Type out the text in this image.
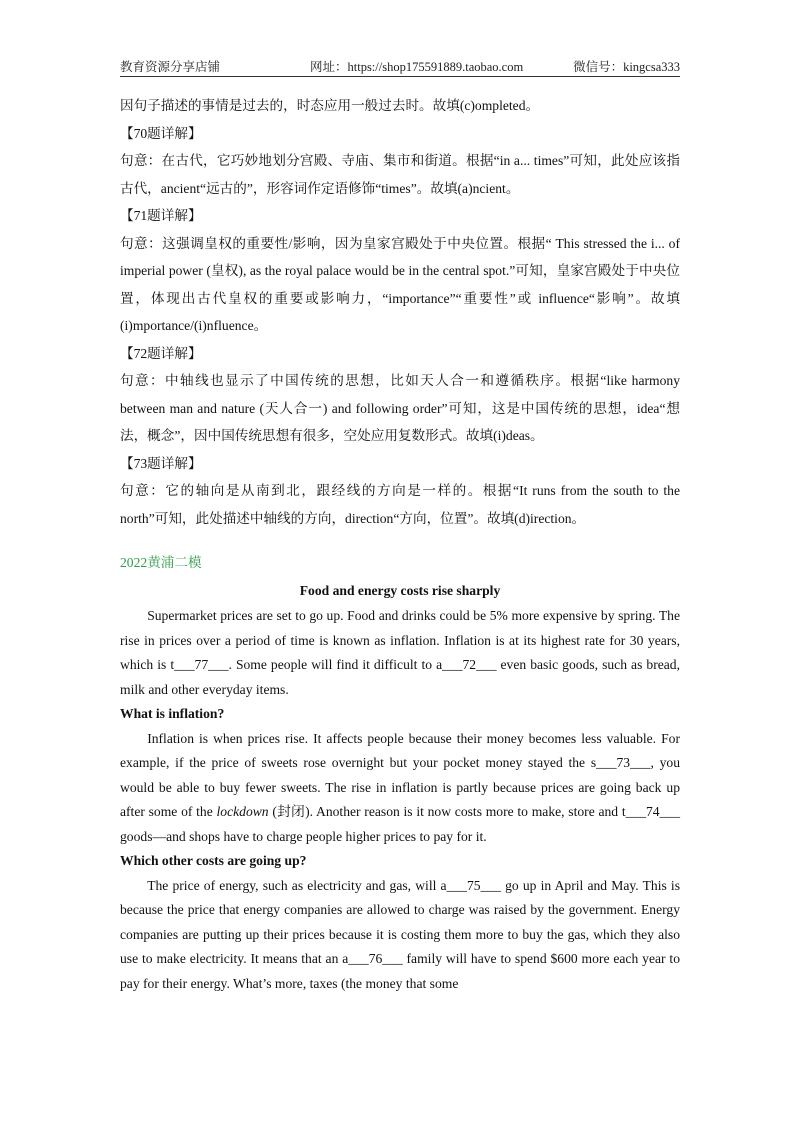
教育资源分享店铺	网址：https://shop175591889.taobao.com	微信号：kingcsa333

因句子描述的事情是过去的，时态应用一般过去时。故填(c)ompleted。

【70题详解】

句意：在古代，它巧妙地划分宫殿、寺庙、集市和街道。根据“in a... times”可知，此处应该指古代，ancient“远古的”，形容词作定语修饰“times”。故填(a)ncient。

【71题详解】

句意：这强调皇权的重要性/影响，因为皇家宫殿处于中央位置。根据“ This stressed the i... of imperial power (皇权), as the royal palace would be in the central spot.”可知，皇家宫殿处于中央位置，体现出古代皇权的重要或影响力，“importance”“重要性”或 influence“影响”。故填(i)mportance/(i)nfluence。

【72题详解】

句意：中轴线也显示了中国传统的思想，比如天人合一和遵循秩序。根据“like harmony between man and nature (天人合一) and following order”可知，这是中国传统的思想，idea“想法，概念”，因中国传统思想有很多，空处应用复数形式。故填(i)deas。

【73题详解】

句意：它的轴向是从南到北，跟经线的方向是一样的。根据“It runs from the south to the north”可知，此处描述中轴线的方向，direction“方向，位置”。故填(d)irection。

2022黄浦二模

Food and energy costs rise sharply

Supermarket prices are set to go up. Food and drinks could be 5% more expensive by spring. The rise in prices over a period of time is known as inflation. Inflation is at its highest rate for 30 years, which is t___77___. Some people will find it difficult to a___72___ even basic goods, such as bread, milk and other everyday items.

What is inflation?

Inflation is when prices rise. It affects people because their money becomes less valuable. For example, if the price of sweets rose overnight but your pocket money stayed the s___73___, you would be able to buy fewer sweets. The rise in inflation is partly because prices are going back up after some of the lockdown (封闭). Another reason is it now costs more to make, store and t___74___ goods—and shops have to charge people higher prices to pay for it.

Which other costs are going up?

The price of energy, such as electricity and gas, will a___75___ go up in April and May. This is because the price that energy companies are allowed to charge was raised by the government. Energy companies are putting up their prices because it is costing them more to buy the gas, which they also use to make electricity. It means that an a___76___ family will have to spend $600 more each year to pay for their energy. What’s more, taxes (the money that some
